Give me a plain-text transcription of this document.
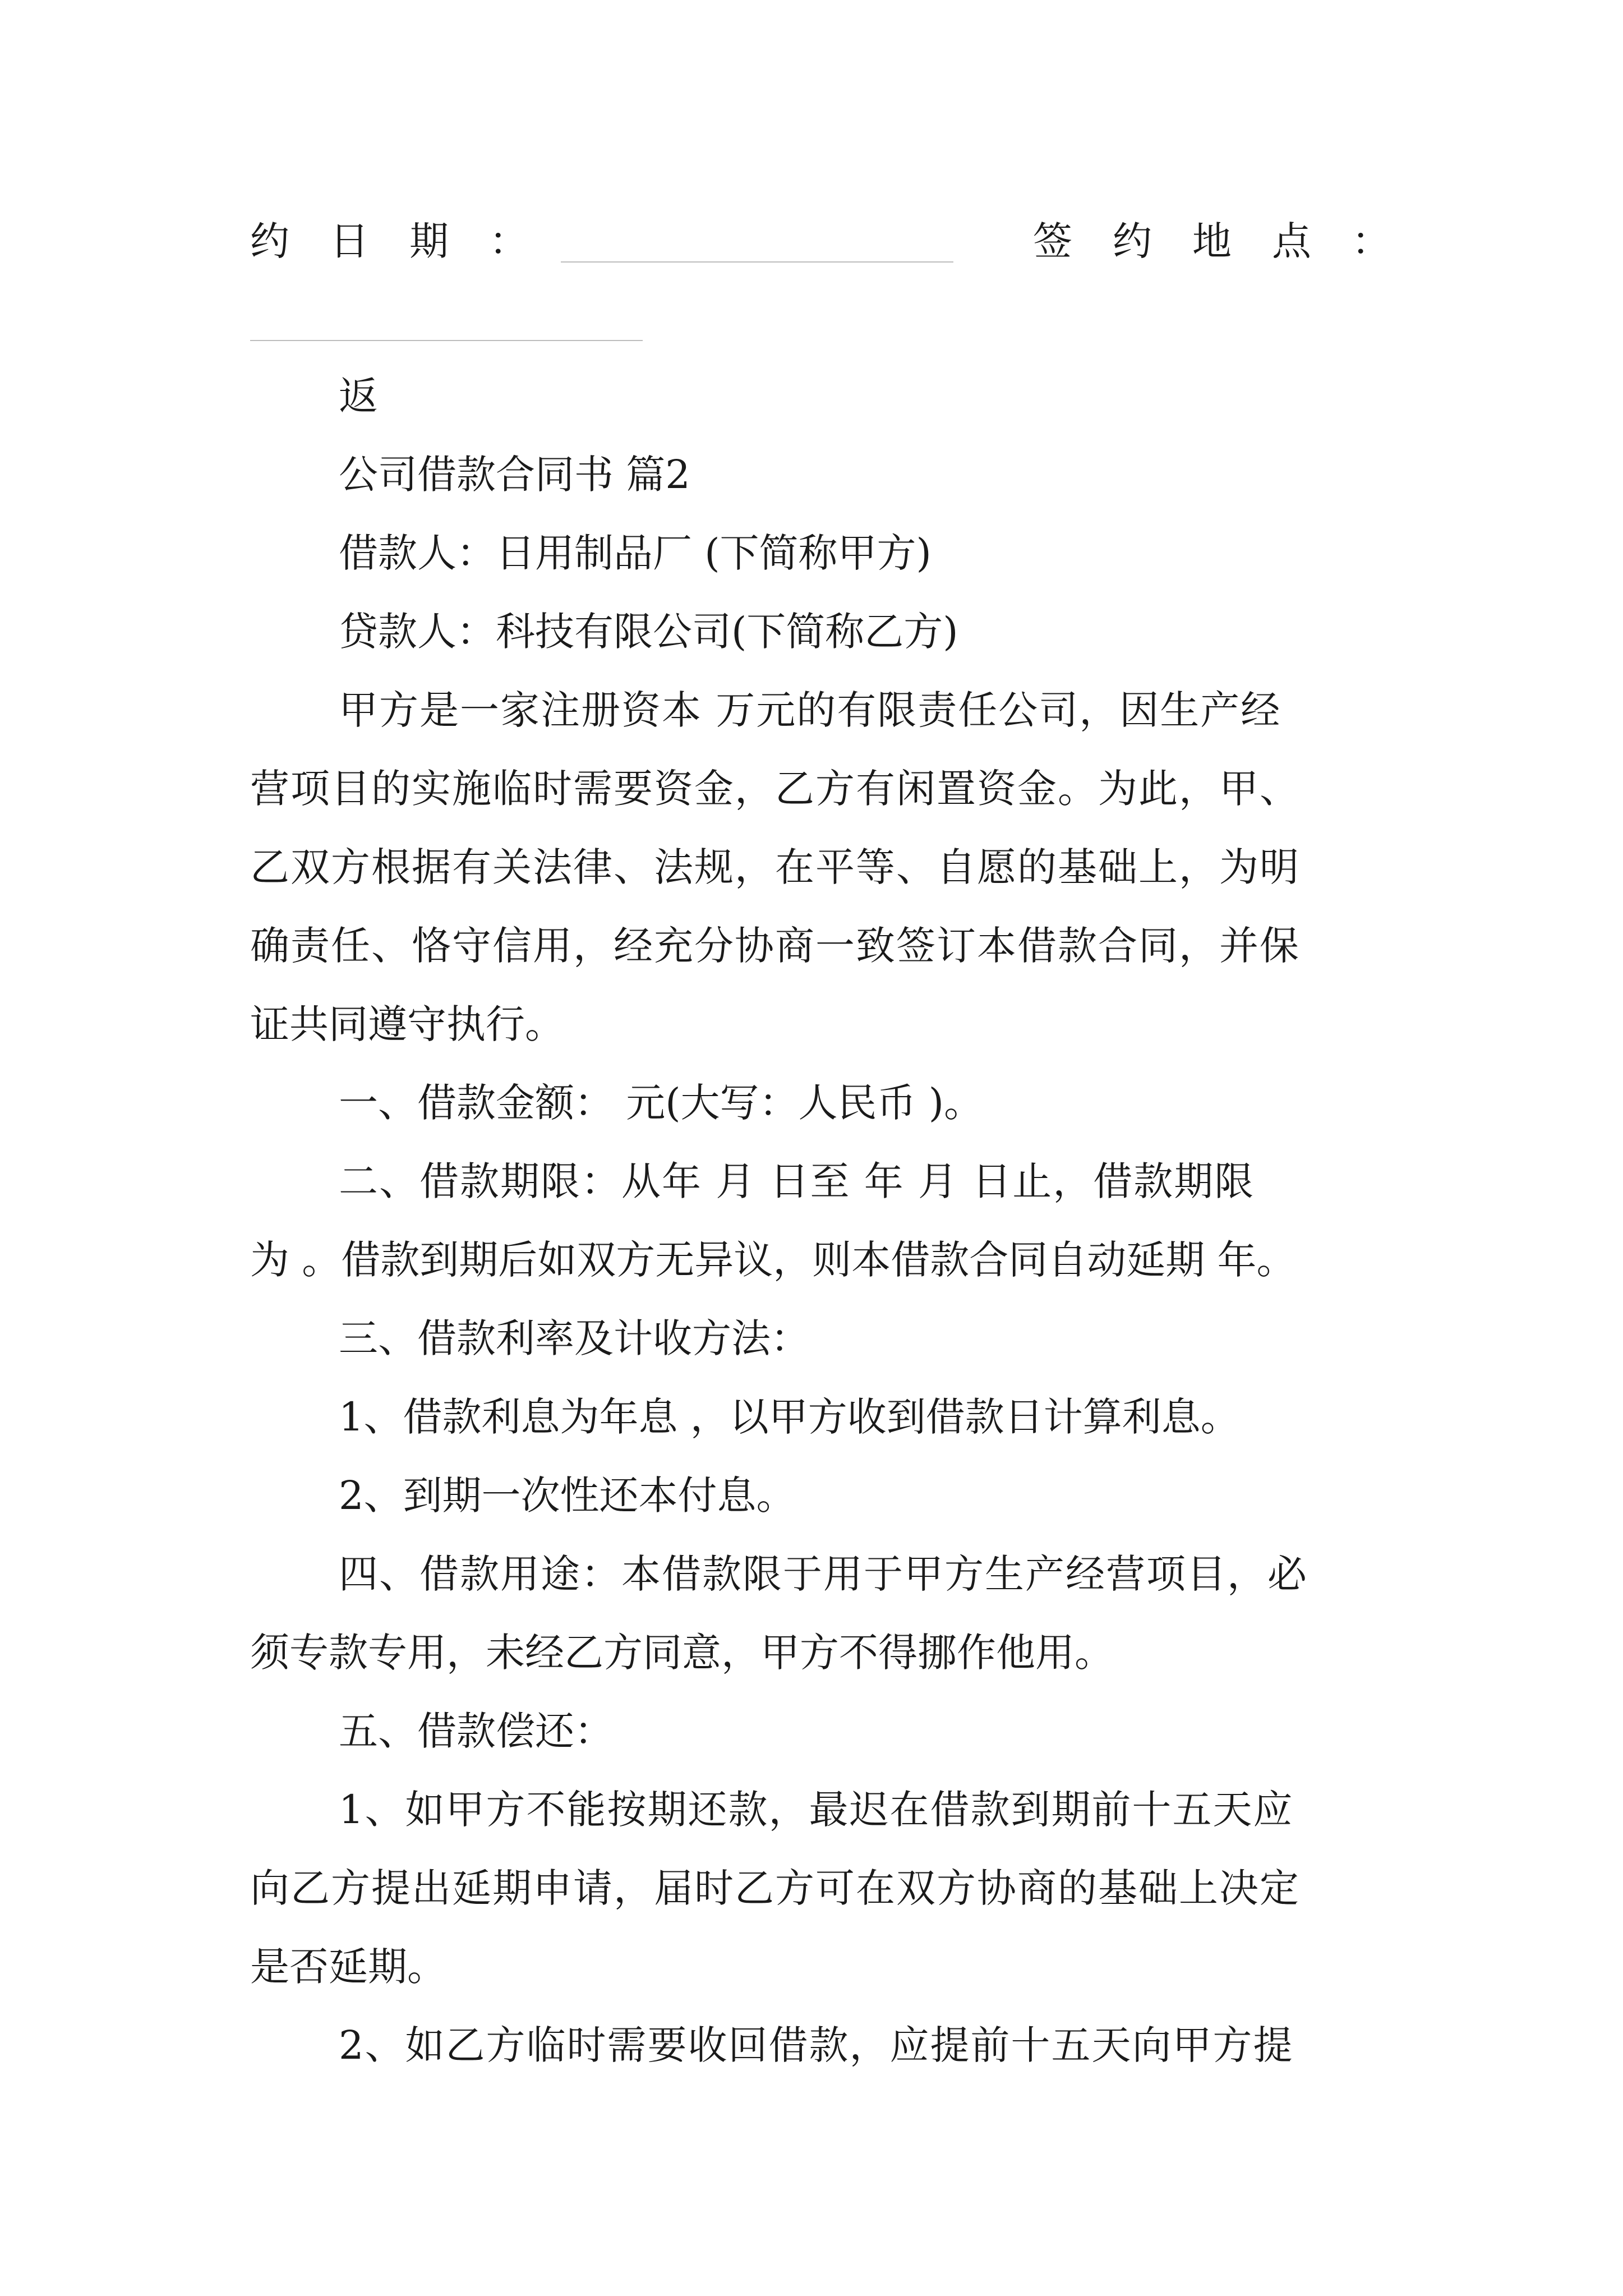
约日期：	签约地点：
返
公司借款合同书 篇2
借款人：日用制品厂 (下简称甲方)
贷款人：科技有限公司(下简称乙方)
甲方是一家注册资本 万元的有限责任公司，因生产经
营项目的实施临时需要资金，乙方有闲置资金。为此，甲、
乙双方根据有关法律、法规，在平等、自愿的基础上，为明
确责任、恪守信用，经充分协商一致签订本借款合同，并保
证共同遵守执行。
一、借款金额： 元(大写：人民币 )。
二、借款期限：从年 月 日至 年 月 日止，借款期限
为 。借款到期后如双方无异议，则本借款合同自动延期 年。
三、借款利率及计收方法：
1、借款利息为年息 ，以甲方收到借款日计算利息。
2、到期一次性还本付息。
四、借款用途：本借款限于用于甲方生产经营项目，必
须专款专用，未经乙方同意，甲方不得挪作他用。
五、借款偿还：
1、如甲方不能按期还款，最迟在借款到期前十五天应
向乙方提出延期申请，届时乙方可在双方协商的基础上决定
是否延期。
2、如乙方临时需要收回借款，应提前十五天向甲方提
